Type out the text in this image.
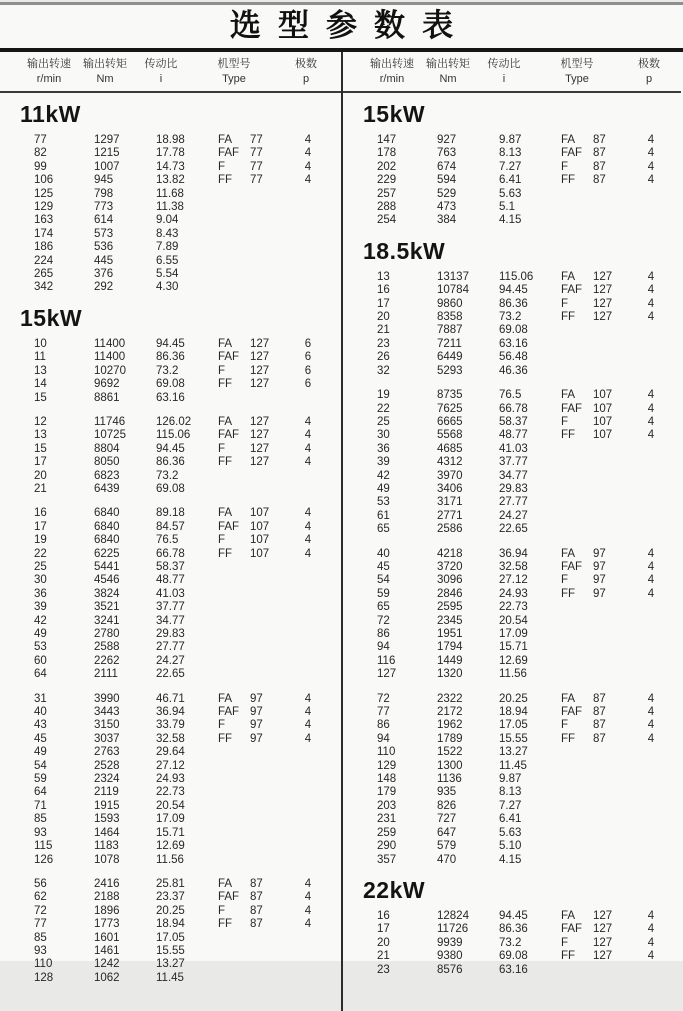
选型参数表
输出转速
r/min
输出转矩
Nm
传动比
i
机型号
Type
极数
p
11kW
77	1297	18.98	FA	77	4
82	1215	17.78	FAF 77	4
99	1007	14.73	F	77	4
106	945	13.82	FF	77	4
125	798	11.68
129	773	11.38
163	614	9.04
174	573	8.43
186	536	7.89
224	445	6.55
265	376	5.54
342	292	4.30
15kW
10	11400	94.45	FA	127	6
11	11400	86.36	FAF 127	6
13	10270	73.2	F	127	6
14	9692	69.08	FF	127	6
15	8861	63.16
12	11746	126.02	FA	127	4
13	10725	115.06	FAF 127	4
15	8804	94.45	F	127	4
17	8050	86.36	FF	127	4
20	6823	73.2
21	6439	69.08
16	6840	89.18	FA	107	4
17	6840	84.57	FAF 107	4
19	6840	76.5	F	107	4
22	6225	66.78	FF	107	4
25	5441	58.37
30	4546	48.77
36	3824	41.03
39	3521	37.77
42	3241	34.77
49	2780	29.83
53	2588	27.77
60	2262	24.27
64	2111	22.65
31	3990	46.71	FA	97	4
40	3443	36.94	FAF 97	4
43	3150	33.79	F	97	4
45	3037	32.58	FF	97	4
49	2763	29.64
54	2528	27.12
59	2324	24.93
64	2119	22.73
71	1915	20.54
85	1593	17.09
93	1464	15.71
115	1183	12.69
126	1078	11.56
56	2416	25.81	FA	87	4
62	2188	23.37	FAF 87	4
72	1896	20.25	F	87	4
77	1773	18.94	FF	87	4
85	1601	17.05
93	1461	15.55
110	1242	13.27
128	1062	11.45
输出转速
r/min
输出转矩
Nm
传动比
i
机型号
Type
极数
p
15kW
147	927	9.87	FA	87	4
178	763	8.13	FAF 87	4
202	674	7.27	F	87	4
229	594	6.41	FF	87	4
257	529	5.63
288	473	5.1
254	384	4.15
18.5kW
13	13137	115.06	FA	127	4
16	10784	94.45	FAF 127	4
17	9860	86.36	F	127	4
20	8358	73.2	FF	127	4
21	7887	69.08
23	7211	63.16
26	6449	56.48
32	5293	46.36
19	8735	76.5	FA	107	4
22	7625	66.78	FAF 107	4
25	6665	58.37	F	107	4
30	5568	48.77	FF	107	4
36	4685	41.03
39	4312	37.77
42	3970	34.77
49	3406	29.83
53	3171	27.77
61	2771	24.27
65	2586	22.65
40	4218	36.94	FA	97	4
45	3720	32.58	FAF 97	4
54	3096	27.12	F	97	4
59	2846	24.93	FF	97	4
65	2595	22.73
72	2345	20.54
86	1951	17.09
94	1794	15.71
116	1449	12.69
127	1320	11.56
72	2322	20.25	FA	87	4
77	2172	18.94	FAF 87	4
86	1962	17.05	F	87	4
94	1789	15.55	FF	87	4
110	1522	13.27
129	1300	11.45
148	1136	9.87
179	935	8.13
203	826	7.27
231	727	6.41
259	647	5.63
290	579	5.10
357	470	4.15
22kW
16	12824	94.45	FA	127	4
17	11726	86.36	FAF 127	4
20	9939	73.2	F	127	4
21	9380	69.08	FF	127	4
23	8576	63.16
